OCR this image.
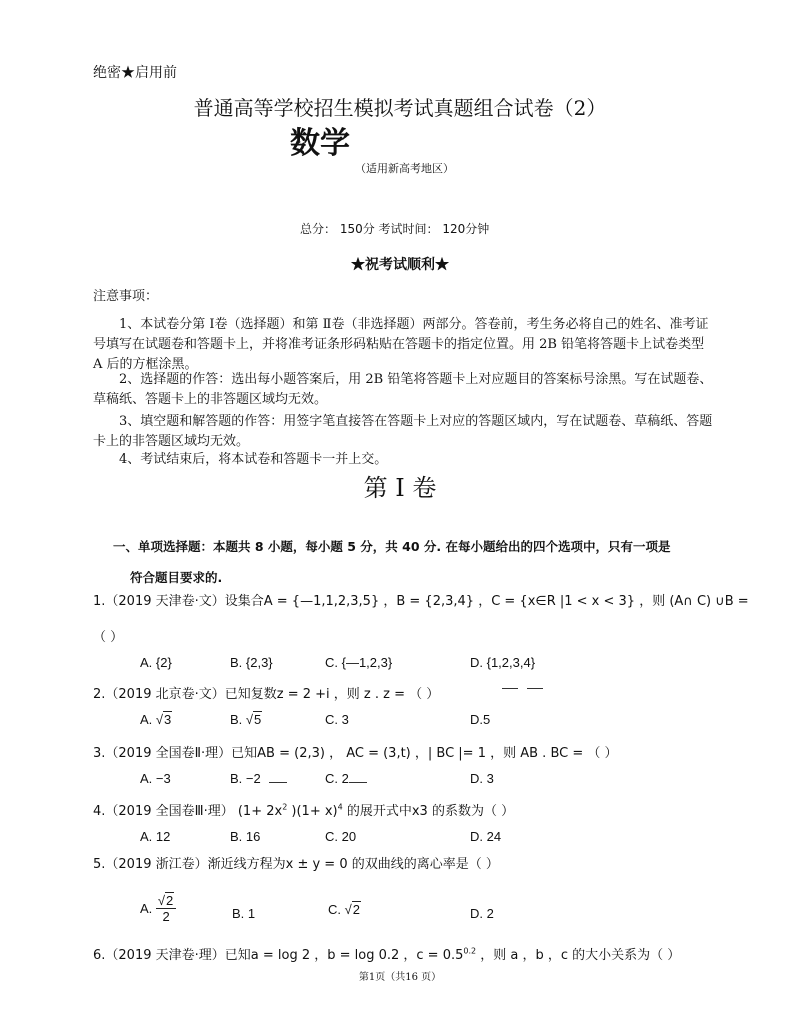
绝密★启用前
普通高等学校招生模拟考试真题组合试卷（2）
数学
（适用新高考地区）
总分： 150分 考试时间： 120分钟
★祝考试顺利★
注意事项：
1、本试卷分第 Ⅰ卷（选择题）和第 Ⅱ卷（非选择题）两部分。答卷前，考生务必将自己的姓名、准考证号填写在试题卷和答题卡上，并将准考证条形码粘贴在答题卡的指定位置。用 2B 铅笔将答题卡上试卷类型 A 后的方框涂黑。
2、选择题的作答：选出每小题答案后，用 2B 铅笔将答题卡上对应题目的答案标号涂黑。写在试题卷、草稿纸、答题卡上的非答题区域均无效。
3、填空题和解答题的作答：用签字笔直接答在答题卡上对应的答题区域内，写在试题卷、草稿纸、答题卡上的非答题区域均无效。
4、考试结束后，将本试卷和答题卡一并上交。
第 Ⅰ 卷
一、单项选择题：本题共 8 小题，每小题 5 分，共 40 分. 在每小题给出的四个选项中，只有一项是
符合题目要求的.
1.（2019 天津卷·文）设集合A = {—1,1,2,3,5} ，B = {2,3,4} ，C = {x∈R |1 < x < 3} ，则 (A∩ C) ∪B =
（ ）
A. {2}	B. {2,3}	C. {—1,2,3}	D. {1,2,3,4}
2.（2019 北京卷·文）已知复数z = 2 +i ，则 z . z = （ ）
A. √3	B. √5	C. 3	D.5
3.（2019 全国卷Ⅱ·理）已知AB = (2,3) ， AC = (3,t) ，| BC |= 1 ，则 AB . BC = （ ）
A. −3	B. −2	C. 2	D. 3
4.（2019 全国卷Ⅲ·理） ($1+ 2x^2$ )$(1+ x)^4$ 的展开式中x3 的系数为（ ）
A. 12	B. 16	C. 20	D. 24
5.（2019 浙江卷）渐近线方程为x ± y = 0 的双曲线的离心率是（ ）
A. $\frac{√2}{2}$	B. 1	C. √2	D. 2
6.（2019 天津卷·理）已知a = log 2 ，b = log 0.2 ，$c = 0.5^{0.2}$ ，则 a ，b ，c 的大小关系为（ ）
第1页（共16 页）
